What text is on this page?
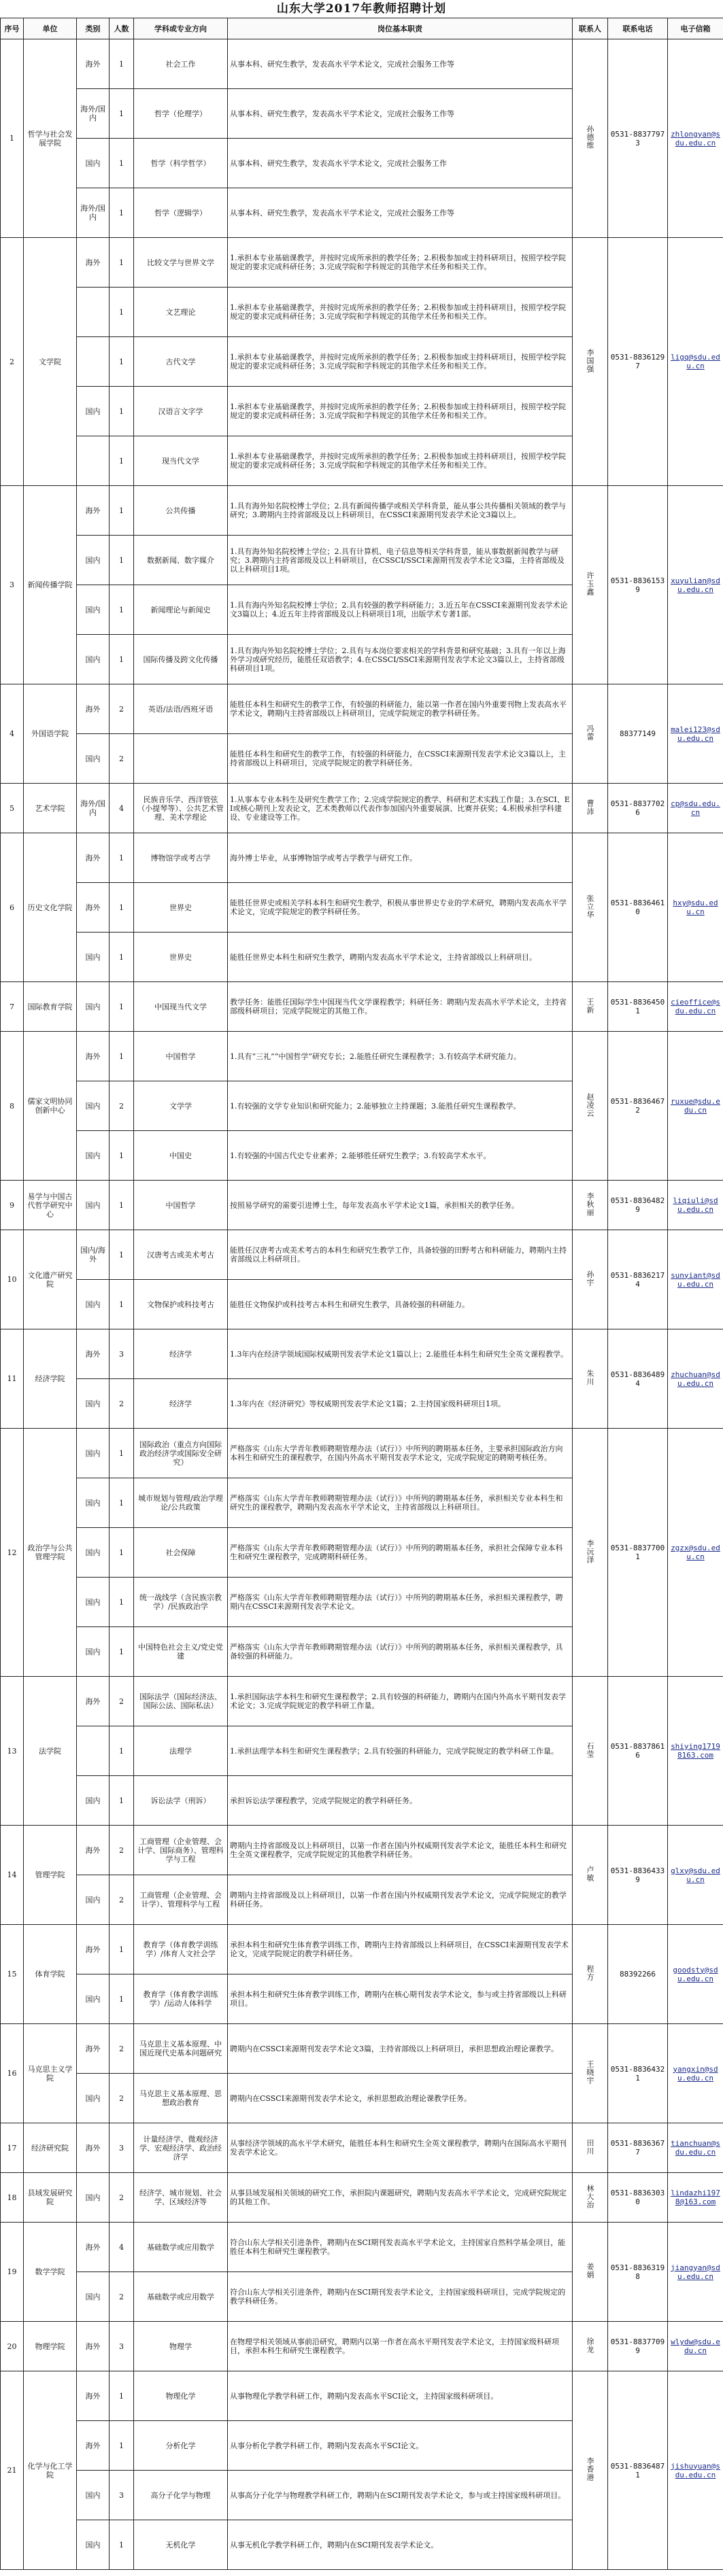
山东大学2017年教师招聘计划
序号	单位	类别	人数	学科或专业方向	岗位基本职责	联系人	联系电话	电子信箱
1	哲学与社会发展学院	海外	1	社会工作	从事本科、研究生教学，发表高水平学术论文，完成社会服务工作等	孙德维	0531-88377973	zhlongyan@sdu.edu.cn
		海外/国内	1	哲学（伦理学）	从事本科、研究生教学，发表高水平学术论文，完成社会服务工作等			
		国内	1	哲学（科学哲学）	从事本科、研究生教学，发表高水平学术论文，完成社会服务工作			
		海外/国内	1	哲学（逻辑学）	从事本科、研究生教学，发表高水平学术论文，完成社会服务工作等			
2	文学院	海外	1	比较文学与世界文学	1.承担本专业基础课教学，并按时完成所承担的教学任务；2.积极参加或主持科研项目，按照学校学院规定的要求完成科研任务；3.完成学院和学科规定的其他学术任务和相关工作。	李国强	0531-88361297	ligq@sdu.edu.cn
			1	文艺理论	1.承担本专业基础课教学，并按时完成所承担的教学任务；2.积极参加或主持科研项目，按照学校学院规定的要求完成科研任务；3.完成学院和学科规定的其他学术任务和相关工作。			
			1	古代文学	1.承担本专业基础课教学，并按时完成所承担的教学任务；2.积极参加或主持科研项目，按照学校学院规定的要求完成科研任务；3.完成学院和学科规定的其他学术任务和相关工作。			
		国内	1	汉语言文字学	1.承担本专业基础课教学，并按时完成所承担的教学任务；2.积极参加或主持科研项目，按照学校学院规定的要求完成科研任务；3.完成学院和学科规定的其他学术任务和相关工作。			
			1	现当代文学	1.承担本专业基础课教学，并按时完成所承担的教学任务；2.积极参加或主持科研项目，按照学校学院规定的要求完成科研任务；3.完成学院和学科规定的其他学术任务和相关工作。			
3	新闻传播学院	海外	1	公共传播	1.具有海外知名院校博士学位；2.具有新闻传播学或相关学科背景，能从事公共传播相关领域的教学与研究；3.聘期内主持省部级及以上科研项目，在CSSCI来源期刊发表学术论文3篇以上。	许玉鑫	0531-88361539	xuyulian@sdu.edu.cn
		国内	1	数据新闻、数字媒介	1.具有海外知名院校博士学位；2.具有计算机、电子信息等相关学科背景，能从事数据新闻教学与研究；3.聘期内主持省部级及以上科研项目，在CSSCI/SSCI来源期刊发表学术论文3篇，主持省部级及以上科研项目1项。			
		国内	1	新闻理论与新闻史	1.具有海内外知名院校博士学位；2.具有较强的教学科研能力；3.近五年在CSSCI来源期刊发表学术论文3篇以上；4.近五年主持省部级及以上科研项目1项，出版学术专著1部。			
		国内	1	国际传播及跨文化传播	1.具有海内外知名院校博士学位；2.具有与本岗位要求相关的学科背景和研究基础；3.具有一年以上海外学习或研究经历，能胜任双语教学；4.在CSSCI/SSCI来源期刊发表学术论文3篇以上，主持省部级科研项目1项。			
4	外国语学院	海外	2	英语/法语/西班牙语	能胜任本科生和研究生的教学工作，有较强的科研能力，能以第一作者在国内外重要刊物上发表高水平学术论文，聘期内主持省部级以上科研项目，完成学院规定的教学科研任务。	冯蕾	88377149	malei123@sdu.edu.cn
		国内	2		能胜任本科生和研究生的教学工作，有较强的科研能力，在CSSCI来源期刊发表学术论文3篇以上，主持省部级以上科研项目，完成学院规定的教学科研任务。			
5	艺术学院	海外/国内	4	民族音乐学、西洋管弦（小提琴等）、公共艺术管理、美术学理论	1.从事本专业本科生及研究生教学工作；2.完成学院规定的教学、科研和艺术实践工作量；3.在SCI、EI或核心期刊上发表论文，艺术类教师以代表作参加国内外重要展演、比赛并获奖；4.积极承担学科建设、专业建设等工作。	曹沛	0531-88377026	cp@sdu.edu.cn
6	历史文化学院	海外	1	博物馆学或考古学	海外博士毕业，从事博物馆学或考古学教学与研究工作。	张立华	0531-88364610	hxy@sdu.edu.cn
		海外	1	世界史	能胜任世界史或相关学科本科生和研究生教学，积极从事世界史专业的学术研究，聘期内发表高水平学术论文，完成学院规定的教学科研任务。			
		国内	1	世界史	能胜任世界史本科生和研究生教学，聘期内发表高水平学术论文，主持省部级以上科研项目。			
7	国际教育学院	国内	1	中国现当代文学	教学任务：能胜任国际学生中国现当代文学课程教学；科研任务：聘期内发表高水平学术论文，主持省部级科研项目；完成学院规定的其他工作。	王新	0531-88364501	cieoffice@sdu.edu.cn
8	儒家文明协同创新中心	海外	1	中国哲学	1.具有“三礼”“中国哲学”研究专长；2.能胜任研究生课程教学；3.有较高学术研究能力。	赵凌云	0531-88364672	ruxue@sdu.edu.cn
		国内	2	文学学	1.有较强的文学专业知识和研究能力；2.能够独立主持课题；3.能胜任研究生课程教学。			
		国内	1	中国史	1.有较强的中国古代史专业素养；2.能够胜任研究生教学；3.有较高学术水平。			
9	易学与中国古代哲学研究中心	国内	1	中国哲学	按照易学研究的需要引进博士生，每年发表高水平学术论文1篇，承担相关的教学任务。	李秋丽	0531-88364829	liqiuli@sdu.edu.cn
10	文化遗产研究院	国内/海外	1	汉唐考古或美术考古	能胜任汉唐考古或美术考古的本科生和研究生教学工作，具备较强的田野考古和科研能力，聘期内主持省部级以上科研项目。	孙宇	0531-88362174	sunyiant@sdu.edu.cn
		国内	1	文物保护或科技考古	能胜任文物保护或科技考古本科生和研究生教学，具备较强的科研能力。			
11	经济学院	海外	3	经济学	1.3年内在经济学领域国际权威期刊发表学术论文1篇以上；2.能胜任本科生和研究生全英文课程教学。	朱川	0531-88364894	zhuchuan@sdu.edu.cn
		国内	2	经济学	1.3年内在《经济研究》等权威期刊发表学术论文1篇；2.主持国家级科研项目1项。			
12	政治学与公共管理学院	国内	1	国际政治（重点方向国际政治经济学或国际安全研究）	严格落实《山东大学青年教师聘期管理办法（试行）》中所列的聘期基本任务，主要承担国际政治方向本科生和研究生的课程教学，在国内外高水平期刊发表学术论文，完成学院规定的聘期考核任务。	李沅泽	0531-88377001	zgzx@sdu.edu.cn
		国内	1	城市规划与管理/政治学理论/公共政策	严格落实《山东大学青年教师聘期管理办法（试行）》中所列的聘期基本任务，承担相关专业本科生和研究生的课程教学，聘期内发表高水平学术论文，主持省部级以上科研项目。			
		国内	1	社会保障	严格落实《山东大学青年教师聘期管理办法（试行）》中所列的聘期基本任务，承担社会保障专业本科生和研究生课程教学，完成聘期科研任务。			
		国内	1	统一战线学（含民族宗教学）/民族政治学	严格落实《山东大学青年教师聘期管理办法（试行）》中所列的聘期基本任务，承担相关课程教学，聘期内在CSSCI来源期刊发表学术论文。			
		国内	1	中国特色社会主义/党史党建	严格落实《山东大学青年教师聘期管理办法（试行）》中所列的聘期基本任务，承担相关课程教学，具备较强的科研能力。			
13	法学院	海外	2	国际法学（国际经济法、国际公法、国际私法）	1.承担国际法学本科生和研究生课程教学；2.具有较强的科研能力，聘期内在国内外高水平期刊发表学术论文；3.完成学院规定的教学科研工作量。	石莹	0531-88378616	shiying17198163.com
			1	法理学	1.承担法理学本科生和研究生课程教学；2.具有较强的科研能力，完成学院规定的教学科研工作量。			
		国内	1	诉讼法学（刑诉）	承担诉讼法学课程教学，完成学院规定的教学科研任务。			
14	管理学院	海外	2	工商管理（企业管理、会计学、国际商务）、管理科学与工程	聘期内主持省部级及以上科研项目，以第一作者在国内外权威期刊发表学术论文，能胜任本科生和研究生全英文课程教学，完成学院规定的其他教学科研任务。	卢敏	0531-88364339	glxy@sdu.edu.cn
		国内	2	工商管理（企业管理、会计学）、管理科学与工程	聘期内主持省部级及以上科研项目，以第一作者在国内外权威期刊发表学术论文，完成学院规定的教学科研任务。			
15	体育学院	海外	1	教育学（体育教学训练学）/体育人文社会学	承担本科生和研究生体育教学训练工作，聘期内主持省部级以上科研项目，在CSSCI来源期刊发表学术论文，完成学院规定的教学科研任务。	程方	88392266	goodsty@sdu.edu.cn
		国内	1	教育学（体育教学训练学）/运动人体科学	承担本科生和研究生体育教学训练工作，聘期内在核心期刊发表学术论文，参与或主持省部级以上科研项目。			
16	马克思主义学院	海外	2	马克思主义基本原理、中国近现代史基本问题研究	聘期内在CSSCI来源期刊发表学术论文3篇，主持省部级以上科研项目，承担思想政治理论课教学。	王晓宇	0531-88364321	yangxin@sdu.edu.cn
		国内	2	马克思主义基本原理、思想政治教育	聘期内在CSSCI来源期刊发表学术论文，承担思想政治理论课教学任务。			
17	经济研究院	海外	3	计量经济学、微观经济学、宏观经济学、政治经济学	从事经济学领域的高水平学术研究，能胜任本科生和研究生全英文课程教学，聘期内在国际高水平期刊发表学术论文。	田川	0531-88363677	tianchuan@sdu.edu.cn
18	县域发展研究院	国内	2	经济学、城市规划、社会学、区域经济等	从事县域发展相关领域的研究工作，承担院内课题研究，聘期内发表高水平学术论文，完成研究院规定的其他工作。	林大治	0531-88363030	lindazhi1978@163.com
19	数学学院	海外	4	基础数学或应用数学	符合山东大学相关引进条件，聘期内在SCI期刊发表高水平学术论文，主持国家自然科学基金项目，能胜任本科生和研究生课程教学。	姜娟	0531-88363198	jiangyan@sdu.edu.cn
		国内	2	基础数学或应用数学	符合山东大学相关引进条件，聘期内在SCI期刊发表学术论文，主持国家级科研项目，完成学院规定的教学科研任务。			
20	物理学院	海外	3	物理学	在物理学相关领域从事前沿研究，聘期内以第一作者在高水平期刊发表学术论文，主持国家级科研项目，承担本科生和研究生课程教学。	徐龙	0531-88377099	wlydw@sdu.edu.cn
21	化学与化工学院	海外	1	物理化学	从事物理化学教学科研工作，聘期内发表高水平SCI论文，主持国家级科研项目。	李香港	0531-88364871	jishuyuan@sdu.edu.cn
		海外	1	分析化学	从事分析化学教学科研工作，聘期内发表高水平SCI论文。			
		国内	3	高分子化学与物理	从事高分子化学与物理教学科研工作，聘期内在SCI期刊发表学术论文，参与或主持国家级科研项目。			
		国内	1	无机化学	从事无机化学教学科研工作，聘期内在SCI期刊发表学术论文。			
